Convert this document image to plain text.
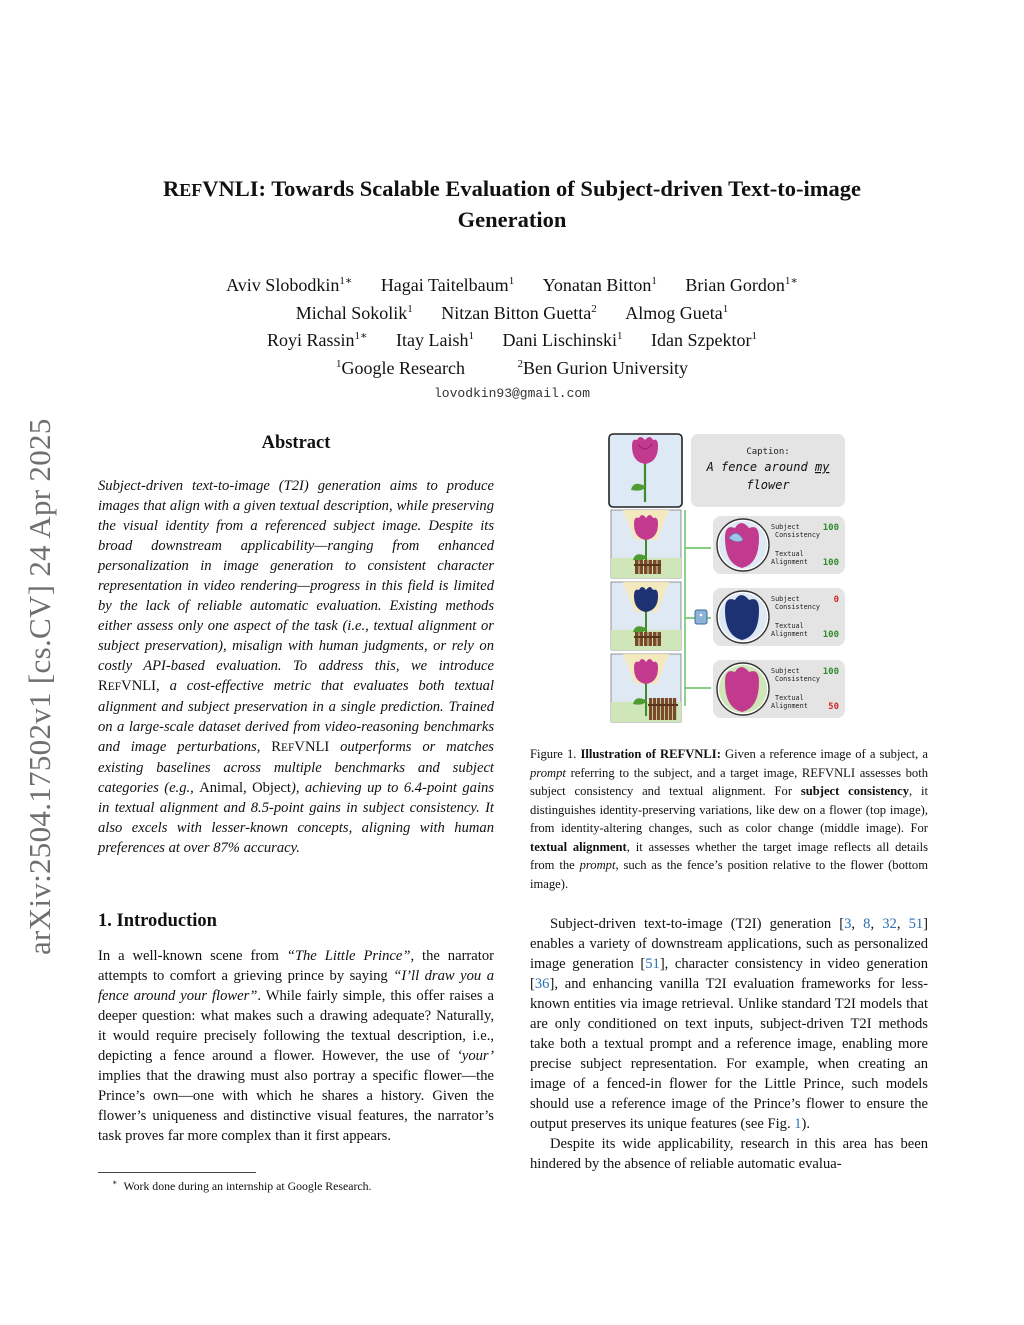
arXiv:2504.17502v1 [cs.CV] 24 Apr 2025
REFVNLI: Towards Scalable Evaluation of Subject-driven Text-to-image
Generation
Aviv Slobodkin$^{1∗}$ Hagai Taitelbaum$^1$ Yonatan Bitton$^1$ Brian Gordon$^{1∗}$
Michal Sokolik$^1$ Nitzan Bitton Guetta$^2$ Almog Gueta$^1$
Royi Rassin$^{1∗}$ Itay Laish$^1$ Dani Lischinski$^1$ Idan Szpektor$^1$
$^1$Google Research	$^2$Ben Gurion University
lovodkin93@gmail.com
Abstract
Subject-driven text-to-image (T2I) generation aims to produce images that align with a given textual description, while preserving the visual identity from a referenced subject image. Despite its broad downstream applicability—ranging from enhanced personalization in image generation to consistent character representation in video rendering—progress in this field is limited by the lack of reliable automatic evaluation. Existing methods either assess only one aspect of the task (i.e., textual alignment or subject preservation), misalign with human judgments, or rely on costly API-based evaluation. To address this, we introduce REFVNLI, a cost-effective metric that evaluates both textual alignment and subject preservation in a single prediction. Trained on a large-scale dataset derived from video-reasoning benchmarks and image perturbations, REFVNLI outperforms or matches existing baselines across multiple benchmarks and subject categories (e.g., Animal, Object), achieving up to 6.4-point gains in textual alignment and 8.5-point gains in subject consistency. It also excels with lesser-known concepts, aligning with human preferences at over 87% accuracy.
1. Introduction
In a well-known scene from “The Little Prince”, the narrator attempts to comfort a grieving prince by saying “I’ll draw you a fence around your flower”. While fairly simple, this offer raises a deeper question: what makes such a drawing adequate? Naturally, it would require precisely following the textual description, i.e., depicting a fence around a flower. However, the use of ‘your’ implies that the drawing must also portray a specific flower—the Prince’s own—one with which he shares a history. Given the flower’s uniqueness and distinctive visual features, the narrator’s task proves far more complex than it first appears.
∗ Work done during an internship at Google Research.
Caption:
A fence around my
flower
Subject Consistency
100
Textual Alignment 100
Subject Consistency
0
Textual Alignment 100
Subject Consistency
100
Textual Alignment 50
Figure 1. Illustration of REFVNLI: Given a reference image of a subject, a prompt referring to the subject, and a target image, REFVNLI assesses both subject consistency and textual alignment. For subject consistency, it distinguishes identity-preserving variations, like dew on a flower (top image), from identity-altering changes, such as color change (middle image). For textual alignment, it assesses whether the target image reflects all details from the prompt, such as the fence’s position relative to the flower (bottom image).

Subject-driven text-to-image (T2I) generation [3, 8, 32, 51] enables a variety of downstream applications, such as personalized image generation [51], character consistency in video generation [36], and enhancing vanilla T2I evaluation frameworks for less-known entities via image retrieval. Unlike standard T2I models that are only conditioned on text inputs, subject-driven T2I methods take both a textual prompt and a reference image, enabling more precise subject representation. For example, when creating an image of a fenced-in flower for the Little Prince, such models should use a reference image of the Prince’s flower to ensure the output preserves its unique features (see Fig. 1).

Despite its wide applicability, research in this area has been hindered by the absence of reliable automatic evalua-
